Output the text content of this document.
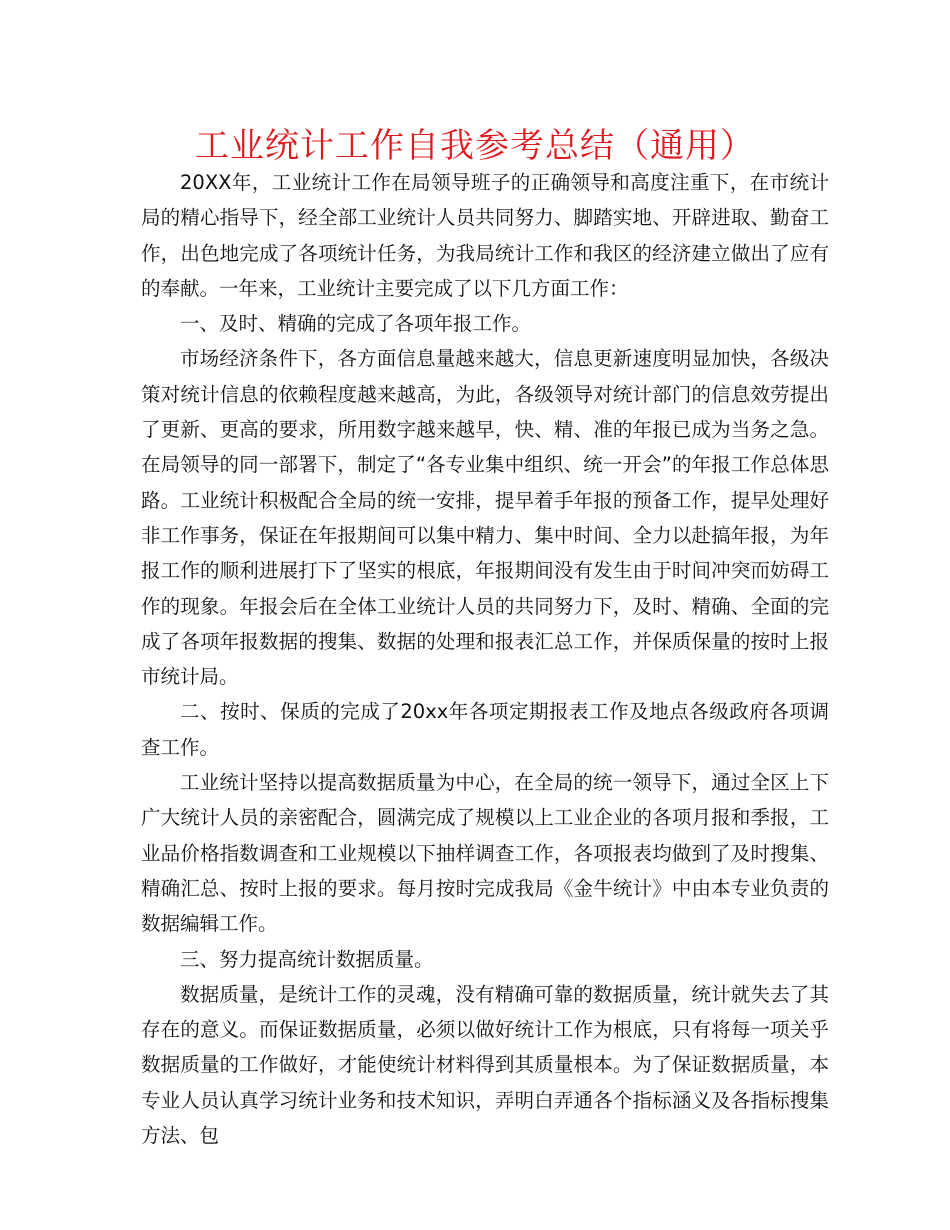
工业统计工作自我参考总结（通用）

20XX年，工业统计工作在局领导班子的正确领导和高度注重下，在市统计局的精心指导下，经全部工业统计人员共同努力、脚踏实地、开辟进取、勤奋工作，出色地完成了各项统计任务，为我局统计工作和我区的经济建立做出了应有的奉献。一年来，工业统计主要完成了以下几方面工作：

一、及时、精确的完成了各项年报工作。

市场经济条件下，各方面信息量越来越大，信息更新速度明显加快，各级决策对统计信息的依赖程度越来越高，为此，各级领导对统计部门的信息效劳提出了更新、更高的要求，所用数字越来越早，快、精、准的年报已成为当务之急。在局领导的同一部署下，制定了“各专业集中组织、统一开会”的年报工作总体思路。工业统计积极配合全局的统一安排，提早着手年报的预备工作，提早处理好非工作事务，保证在年报期间可以集中精力、集中时间、全力以赴搞年报，为年报工作的顺利进展打下了坚实的根底，年报期间没有发生由于时间冲突而妨碍工作的现象。年报会后在全体工业统计人员的共同努力下，及时、精确、全面的完成了各项年报数据的搜集、数据的处理和报表汇总工作，并保质保量的按时上报市统计局。

二、按时、保质的完成了20xx年各项定期报表工作及地点各级政府各项调查工作。

工业统计坚持以提高数据质量为中心，在全局的统一领导下，通过全区上下广大统计人员的亲密配合，圆满完成了规模以上工业企业的各项月报和季报，工业品价格指数调查和工业规模以下抽样调查工作，各项报表均做到了及时搜集、精确汇总、按时上报的要求。每月按时完成我局《金牛统计》中由本专业负责的数据编辑工作。

三、努力提高统计数据质量。

数据质量，是统计工作的灵魂，没有精确可靠的数据质量，统计就失去了其存在的意义。而保证数据质量，必须以做好统计工作为根底，只有将每一项关乎数据质量的工作做好，才能使统计材料得到其质量根本。为了保证数据质量，本专业人员认真学习统计业务和技术知识，弄明白弄通各个指标涵义及各指标搜集方法、包
